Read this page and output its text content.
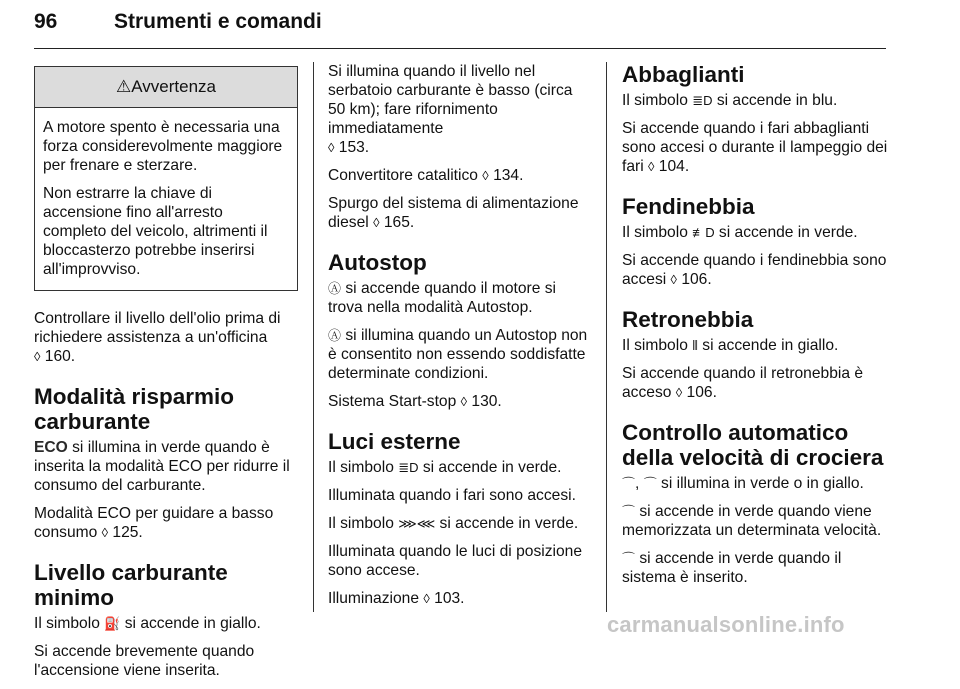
96	Strumenti e comandi
⚠Avvertenza

A motore spento è necessaria una forza considerevolmente maggiore per frenare e sterzare.

Non estrarre la chiave di accensione fino all'arresto completo del veicolo, altrimenti il bloccasterzo potrebbe inserirsi all'improvviso.

Controllare il livello dell'olio prima di richiedere assistenza a un'officina
◊ 160.

Modalità risparmio carburante

ECO si illumina in verde quando è inserita la modalità ECO per ridurre il consumo del carburante.

Modalità ECO per guidare a basso consumo ◊ 125.

Livello carburante minimo

Il simbolo ⛽ si accende in giallo.

Si accende brevemente quando l'accensione viene inserita.

Si illumina quando il livello nel serbatoio carburante è basso (circa 50 km); fare rifornimento immediatamente
◊ 153.

Convertitore catalitico ◊ 134.

Spurgo del sistema di alimentazione diesel ◊ 165.

Autostop

Ⓐ si accende quando il motore si trova nella modalità Autostop.

Ⓐ si illumina quando un Autostop non è consentito non essendo soddisfatte determinate condizioni.

Sistema Start-stop ◊ 130.

Luci esterne

Il simbolo ≣D si accende in verde.

Illuminata quando i fari sono accesi.

Il simbolo ⋙⋘ si accende in verde.

Illuminata quando le luci di posizione sono accese.

Illuminazione ◊ 103.

Abbaglianti

Il simbolo ≣D si accende in blu.

Si accende quando i fari abbaglianti sono accesi o durante il lampeggio dei fari ◊ 104.

Fendinebbia

Il simbolo ≢D si accende in verde.

Si accende quando i fendinebbia sono accesi ◊ 106.

Retronebbia

Il simbolo ⦀ si accende in giallo.

Si accende quando il retronebbia è acceso ◊ 106.

Controllo automatico della velocità di crociera

⌒, ⌒ si illumina in verde o in giallo.

⌒ si accende in verde quando viene memorizzata un determinata velocità.

⌒ si accende in verde quando il sistema è inserito.

carmanualsonline.info
